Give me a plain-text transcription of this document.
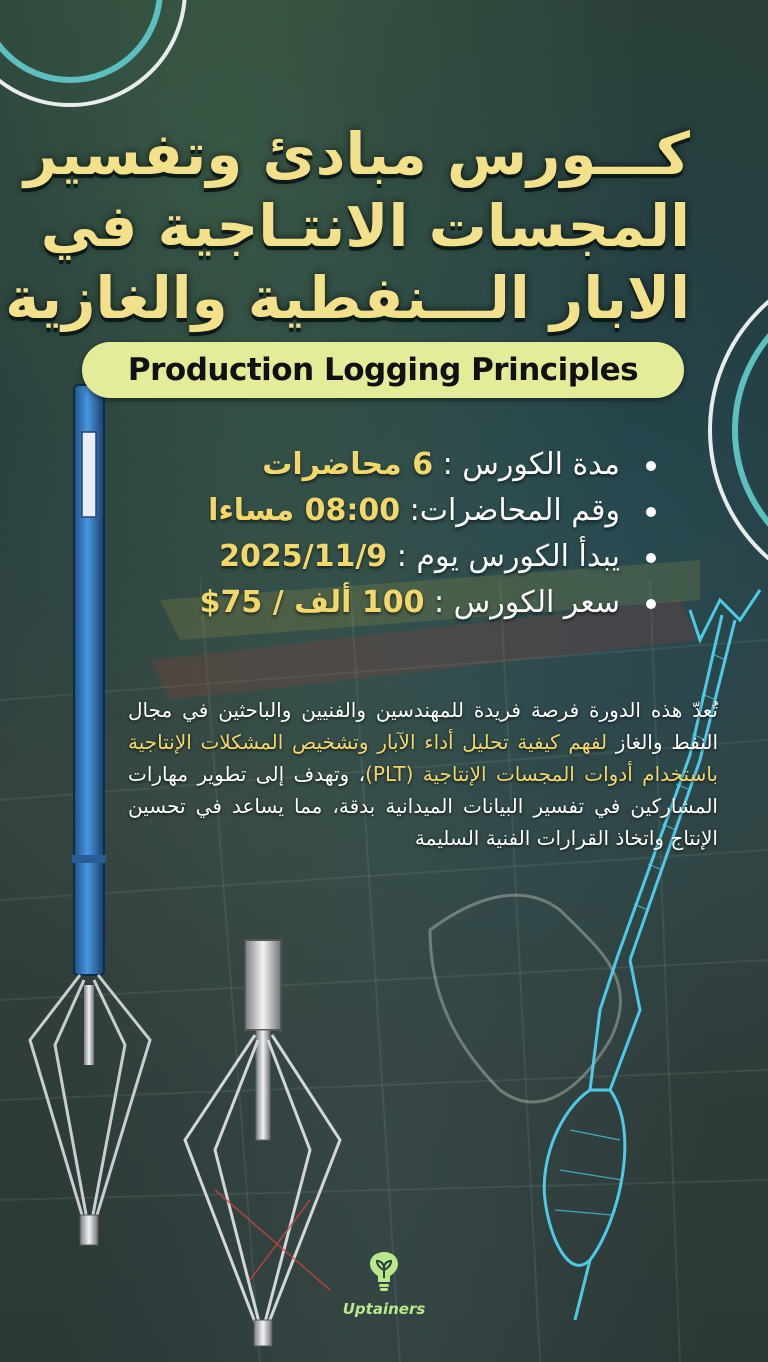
كـــورس مبادئ وتفسير
المجسات الانتـاجية في
الابار الـــنفطية والغازية
Production Logging Principles
مدة الكورس : 6 محاضرات
وقم المحاضرات: 08:00 مساءا
يبدأ الكورس يوم : 2025/11/9
سعر الكورس : 100 ألف / 75$

تُعدّ هذه الدورة فرصة فريدة للمهندسين والفنيين والباحثين في مجال النفط والغاز لفهم كيفية تحليل أداء الآبار وتشخيص المشكلات الإنتاجية باستخدام أدوات المجسات الإنتاجية (PLT)، وتهدف إلى تطوير مهارات المشاركين في تفسير البيانات الميدانية بدقة، مما يساعد في تحسين الإنتاج واتخاذ القرارات الفنية السليمة

Uptainers
